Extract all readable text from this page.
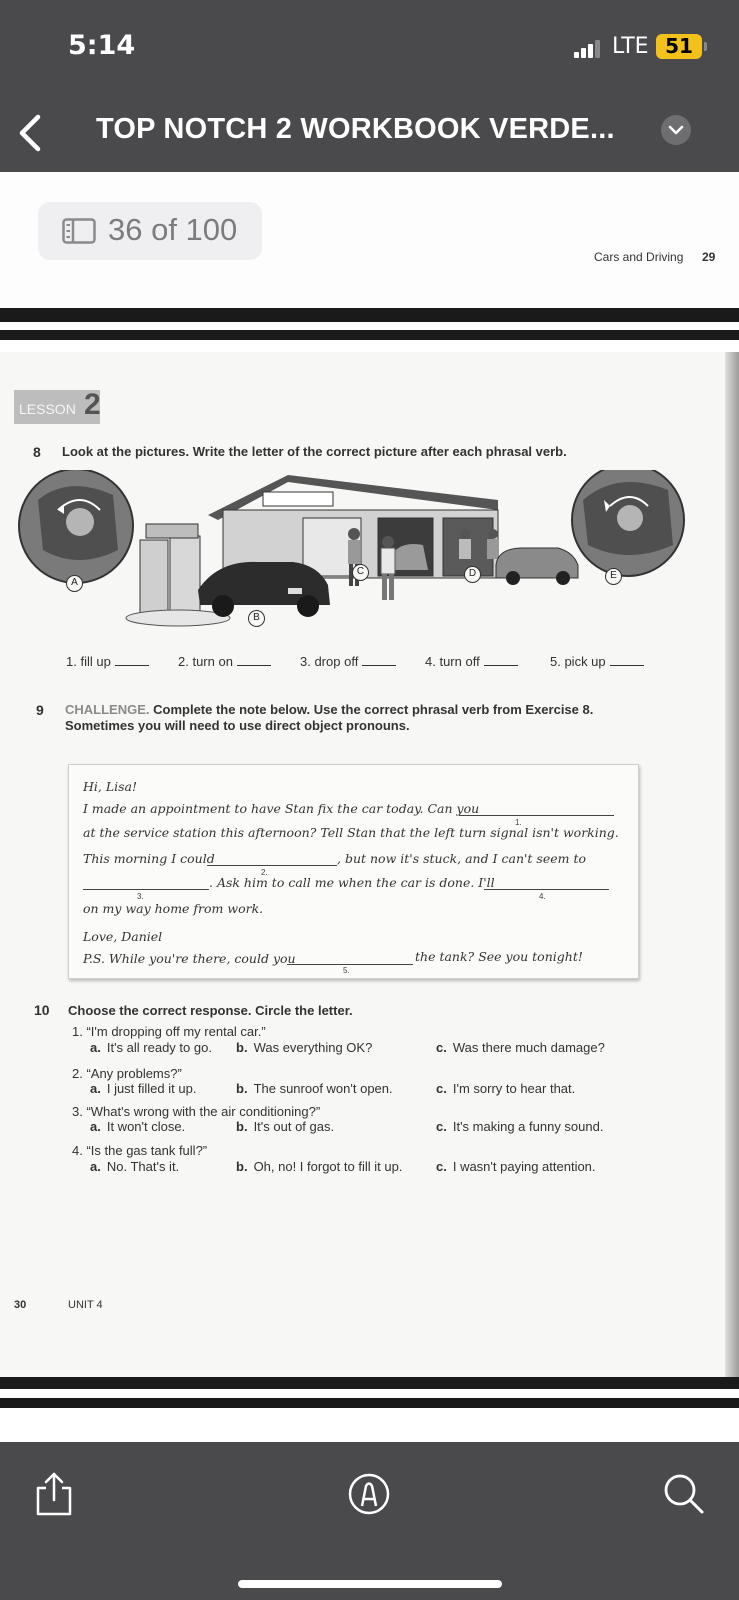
5:14	LTE 51
TOP NOTCH 2 WORKBOOK VERDE...
36 of 100
Cars and Driving 29
LESSON 2
8 Look at the pictures. Write the letter of the correct picture after each phrasal verb.
A
B
C	D	E
1. fill up	2. turn on	3. drop off	4. turn off	5. pick up
9 CHALLENGE. Complete the note below. Use the correct phrasal verb from Exercise 8.
Sometimes you will need to use direct object pronouns.
Hi, Lisa!
I made an appointment to have Stan fix the car today. Can you
1.
at the service station this afternoon? Tell Stan that the left turn signal isn't working.
This morning I could
2.
, but now it's stuck, and I can't seem to
3.
. Ask him to call me when the car is done. I'll
4.
on my way home from work.
Love, Daniel
P.S. While you're there, could you
5.
the tank? See you tonight!
10 Choose the correct response. Circle the letter.
1. “I'm dropping off my rental car.”
a. It's all ready to go. b. Was everything OK?	c. Was there much damage?
2. “Any problems?”
a. I just filled it up.	b. The sunroof won't open.	c. I'm sorry to hear that.
3. “What's wrong with the air conditioning?”
a. It won't close.	b. It's out of gas.	c. It's making a funny sound.
4. “Is the gas tank full?”
a. No. That's it.	b. Oh, no! I forgot to fill it up.	c. I wasn't paying attention.
30	UNIT 4
